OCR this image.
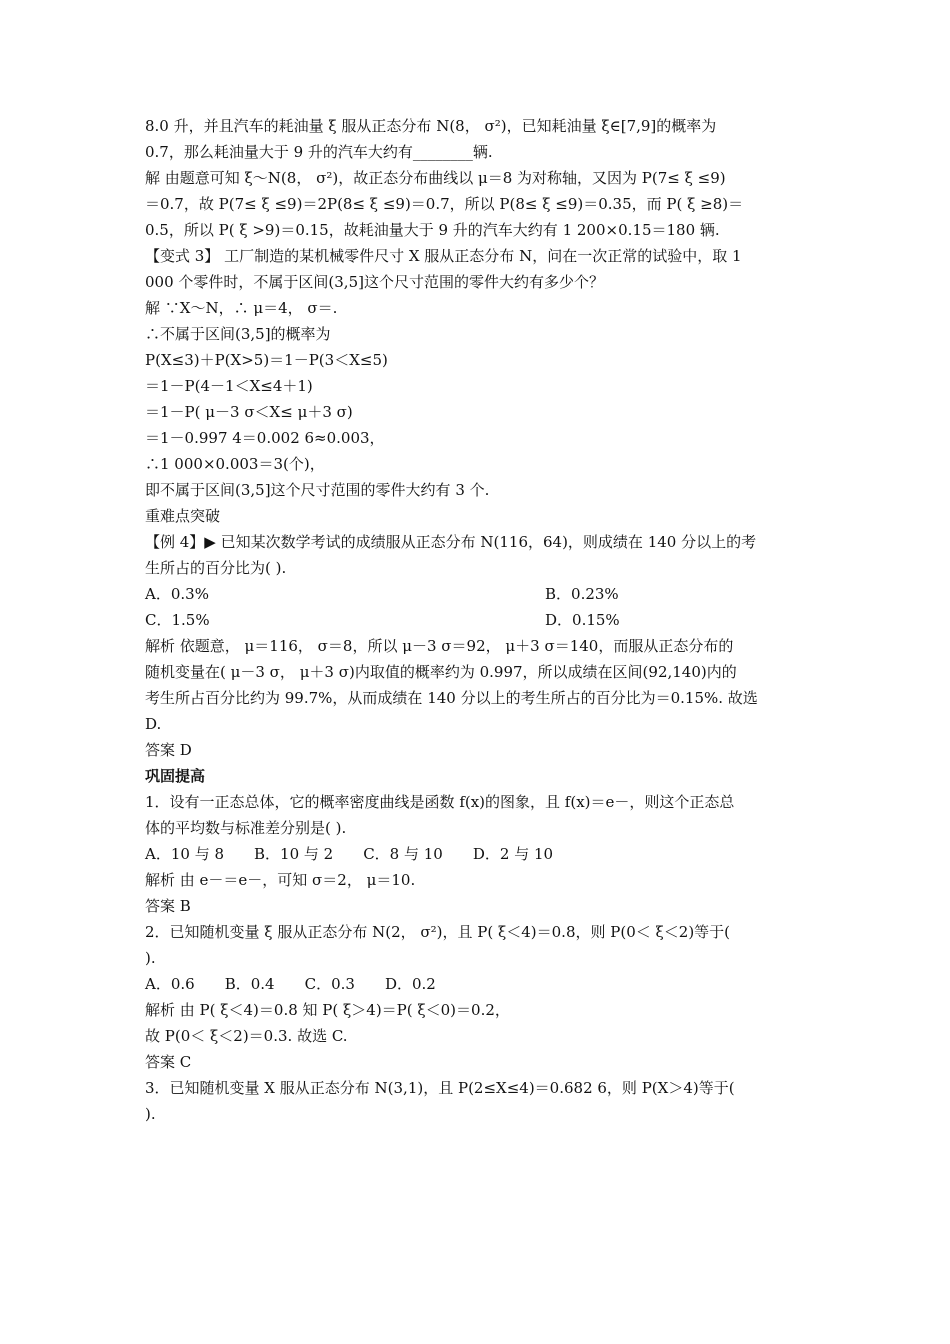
8.0 升，并且汽车的耗油量 ξ 服从正态分布 N(8， σ²)，已知耗油量 ξ∈[7,9]的概率为
0.7，那么耗油量大于 9 升的汽车大约有________辆.
解 由题意可知 ξ～N(8， σ²)，故正态分布曲线以 μ＝8 为对称轴，又因为 P(7≤ ξ ≤9)
＝0.7，故 P(7≤ ξ ≤9)＝2P(8≤ ξ ≤9)＝0.7，所以 P(8≤ ξ ≤9)＝0.35，而 P( ξ ≥8)＝
0.5，所以 P( ξ >9)＝0.15，故耗油量大于 9 升的汽车大约有 1 200×0.15＝180 辆.
【变式 3】 工厂制造的某机械零件尺寸 X 服从正态分布 N，问在一次正常的试验中，取 1
000 个零件时，不属于区间(3,5]这个尺寸范围的零件大约有多少个？
解 ∵X～N，∴ μ＝4， σ＝.
∴不属于区间(3,5]的概率为
P(X≤3)＋P(X>5)＝1－P(3＜X≤5)
＝1－P(4－1＜X≤4＋1)
＝1－P( μ－3 σ＜X≤ μ＋3 σ)
＝1－0.997 4＝0.002 6≈0.003，
∴1 000×0.003＝3(个)，
即不属于区间(3,5]这个尺寸范围的零件大约有 3 个.
重难点突破
【例 4】▶ 已知某次数学考试的成绩服从正态分布 N(116，64)，则成绩在 140 分以上的考
生所占的百分比为( ).
A．0.3%	B．0.23%
C．1.5%	D．0.15%
解析 依题意， μ＝116， σ＝8，所以 μ－3 σ＝92， μ＋3 σ＝140，而服从正态分布的
随机变量在( μ－3 σ， μ＋3 σ)内取值的概率约为 0.997，所以成绩在区间(92,140)内的
考生所占百分比约为 99.7%，从而成绩在 140 分以上的考生所占的百分比为＝0.15%. 故选
D.
答案 D
巩固提高
1．设有一正态总体，它的概率密度曲线是函数 f(x)的图象，且 f(x)＝e－，则这个正态总
体的平均数与标准差分别是( ).
A．10 与 8 B．10 与 2 C．8 与 10 D．2 与 10
解析 由 e－＝e－，可知 σ＝2， μ＝10.
答案 B
2．已知随机变量 ξ 服从正态分布 N(2， σ²)，且 P( ξ＜4)＝0.8，则 P(0＜ ξ＜2)等于(
).
A．0.6 B．0.4 C．0.3 D．0.2
解析 由 P( ξ＜4)＝0.8 知 P( ξ＞4)＝P( ξ＜0)＝0.2，
故 P(0＜ ξ＜2)＝0.3. 故选 C.
答案 C
3．已知随机变量 X 服从正态分布 N(3,1)，且 P(2≤X≤4)＝0.682 6，则 P(X＞4)等于(
).
